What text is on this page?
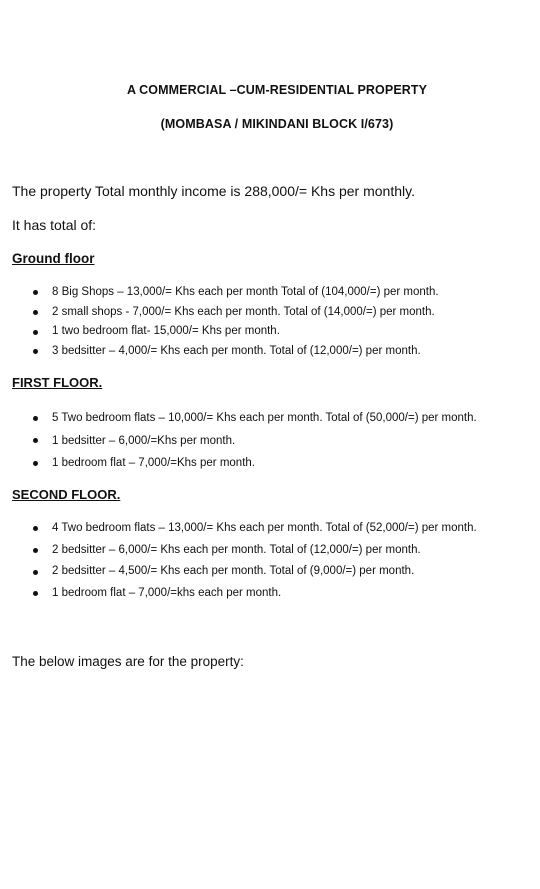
A COMMERCIAL –CUM-RESIDENTIAL PROPERTY
(MOMBASA / MIKINDANI BLOCK I/673)
The property Total monthly income is 288,000/= Khs per monthly.
It has total of:
Ground floor
8 Big Shops – 13,000/= Khs each per month Total of (104,000/=) per month.
2 small shops - 7,000/= Khs each per month. Total of (14,000/=) per month.
1 two bedroom flat- 15,000/= Khs per month.
3 bedsitter – 4,000/= Khs each per month. Total of (12,000/=) per month.
FIRST FLOOR.
5 Two bedroom flats – 10,000/= Khs each per month. Total of (50,000/=) per month.
1 bedsitter – 6,000/=Khs per month.
1 bedroom flat – 7,000/=Khs per month.
SECOND FLOOR.
4 Two bedroom flats – 13,000/= Khs each per month. Total of (52,000/=) per month.
2 bedsitter – 6,000/= Khs each per month. Total of (12,000/=) per month.
2 bedsitter – 4,500/= Khs each per month. Total of (9,000/=) per month.
1 bedroom flat – 7,000/=khs each per month.
The below images are for the property:
